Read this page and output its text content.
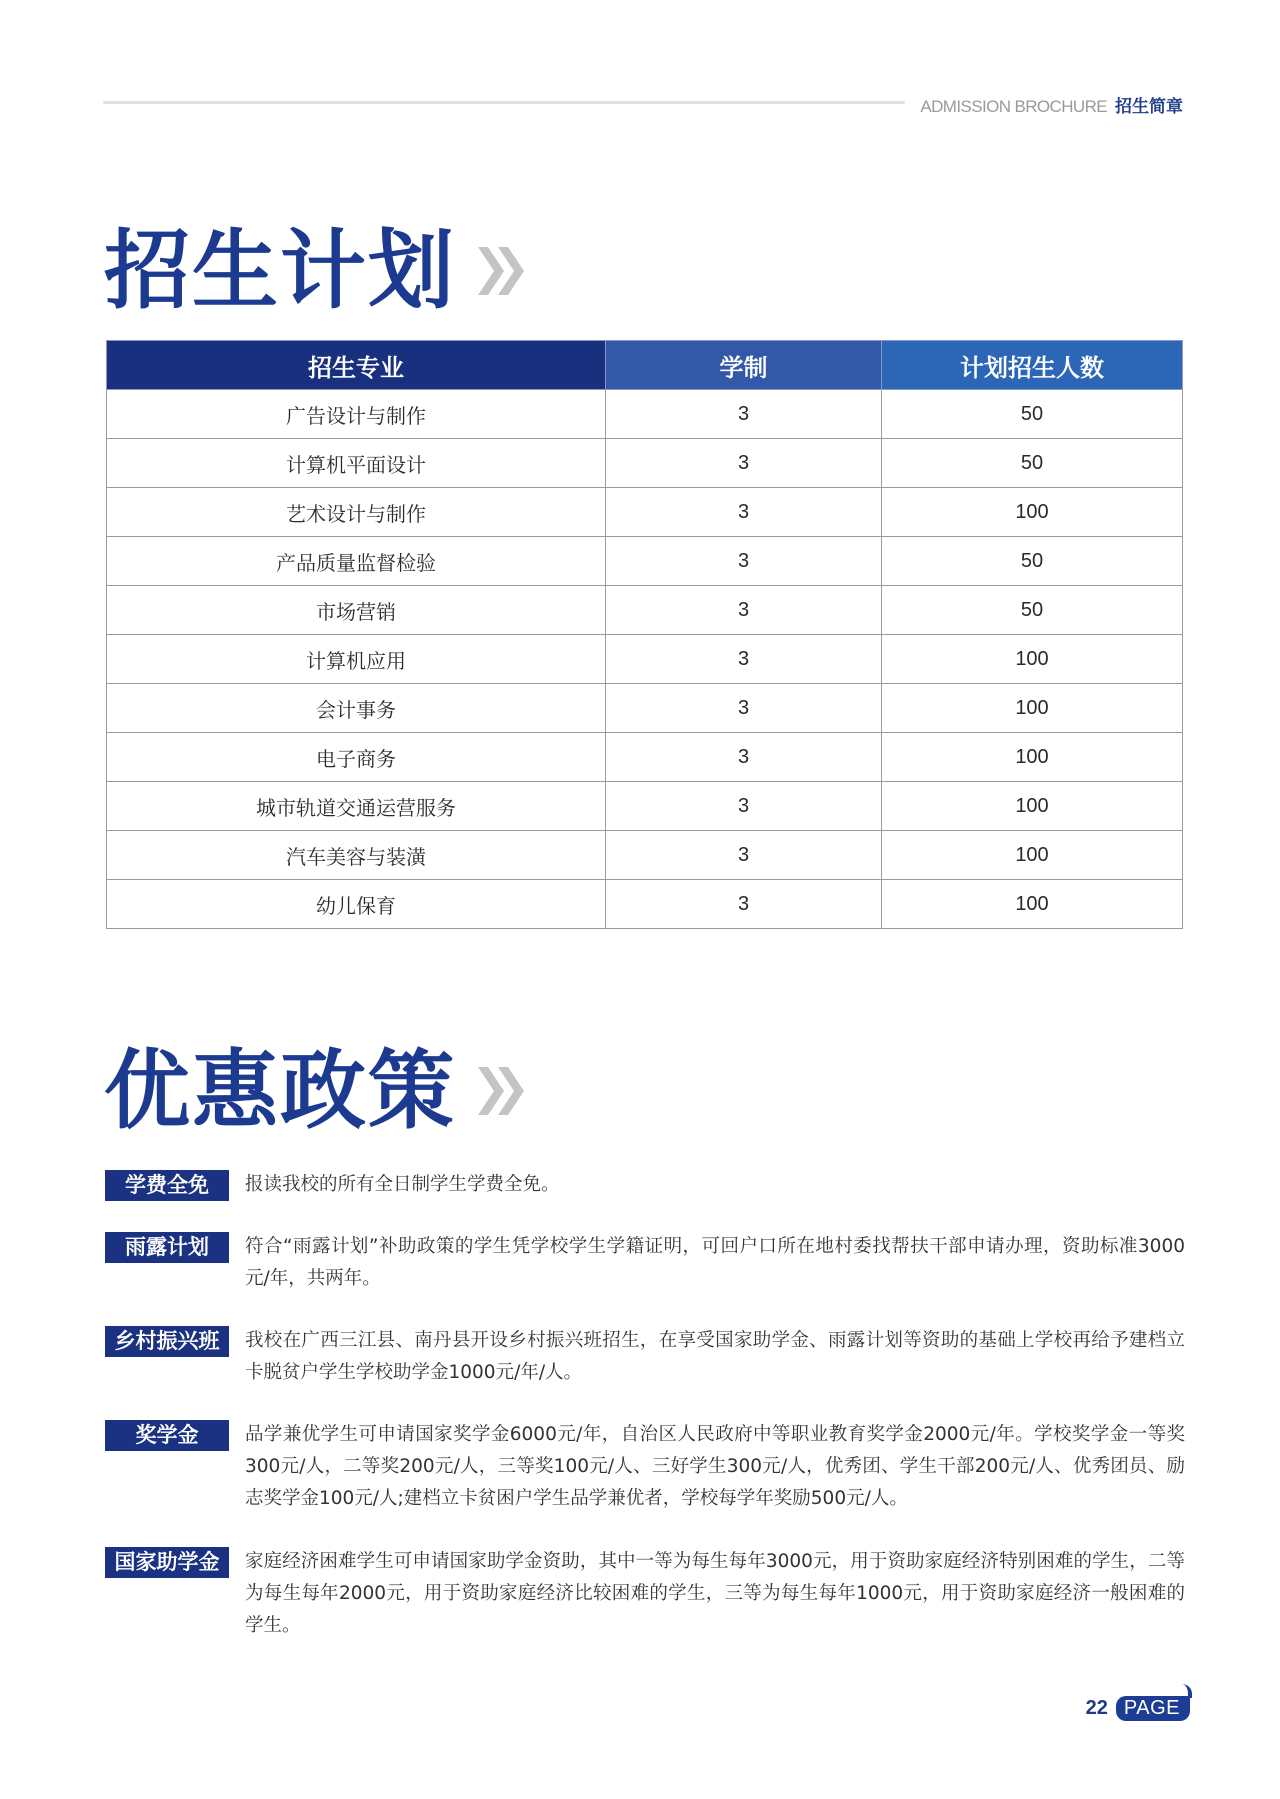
ADMISSION BROCHURE 招生简章
招生计划
招生专业	学制	计划招生人数
广告设计与制作	3	50
计算机平面设计	3	50
艺术设计与制作	3	100
产品质量监督检验	3	50
市场营销	3	50
计算机应用	3	100
会计事务	3	100
电子商务	3	100
城市轨道交通运营服务	3	100
汽车美容与装潢	3	100
幼儿保育	3	100
优惠政策
学费全免	报读我校的所有全日制学生学费全免。
雨露计划	符合“雨露计划”补助政策的学生凭学校学生学籍证明，可回户口所在地村委找帮扶干部申请办理，资助标准3000元/年，共两年。
乡村振兴班	我校在广西三江县、南丹县开设乡村振兴班招生，在享受国家助学金、雨露计划等资助的基础上学校再给予建档立卡脱贫户学生学校助学金1000元/年/人。
奖学金	品学兼优学生可申请国家奖学金6000元/年，自治区人民政府中等职业教育奖学金2000元/年。学校奖学金一等奖300元/人，二等奖200元/人，三等奖100元/人、三好学生300元/人，优秀团、学生干部200元/人、优秀团员、励志奖学金100元/人;建档立卡贫困户学生品学兼优者，学校每学年奖励500元/人。
国家助学金	家庭经济困难学生可申请国家助学金资助，其中一等为每生每年3000元，用于资助家庭经济特别困难的学生，二等为每生每年2000元，用于资助家庭经济比较困难的学生，三等为每生每年1000元，用于资助家庭经济一般困难的学生。
22 PAGE
